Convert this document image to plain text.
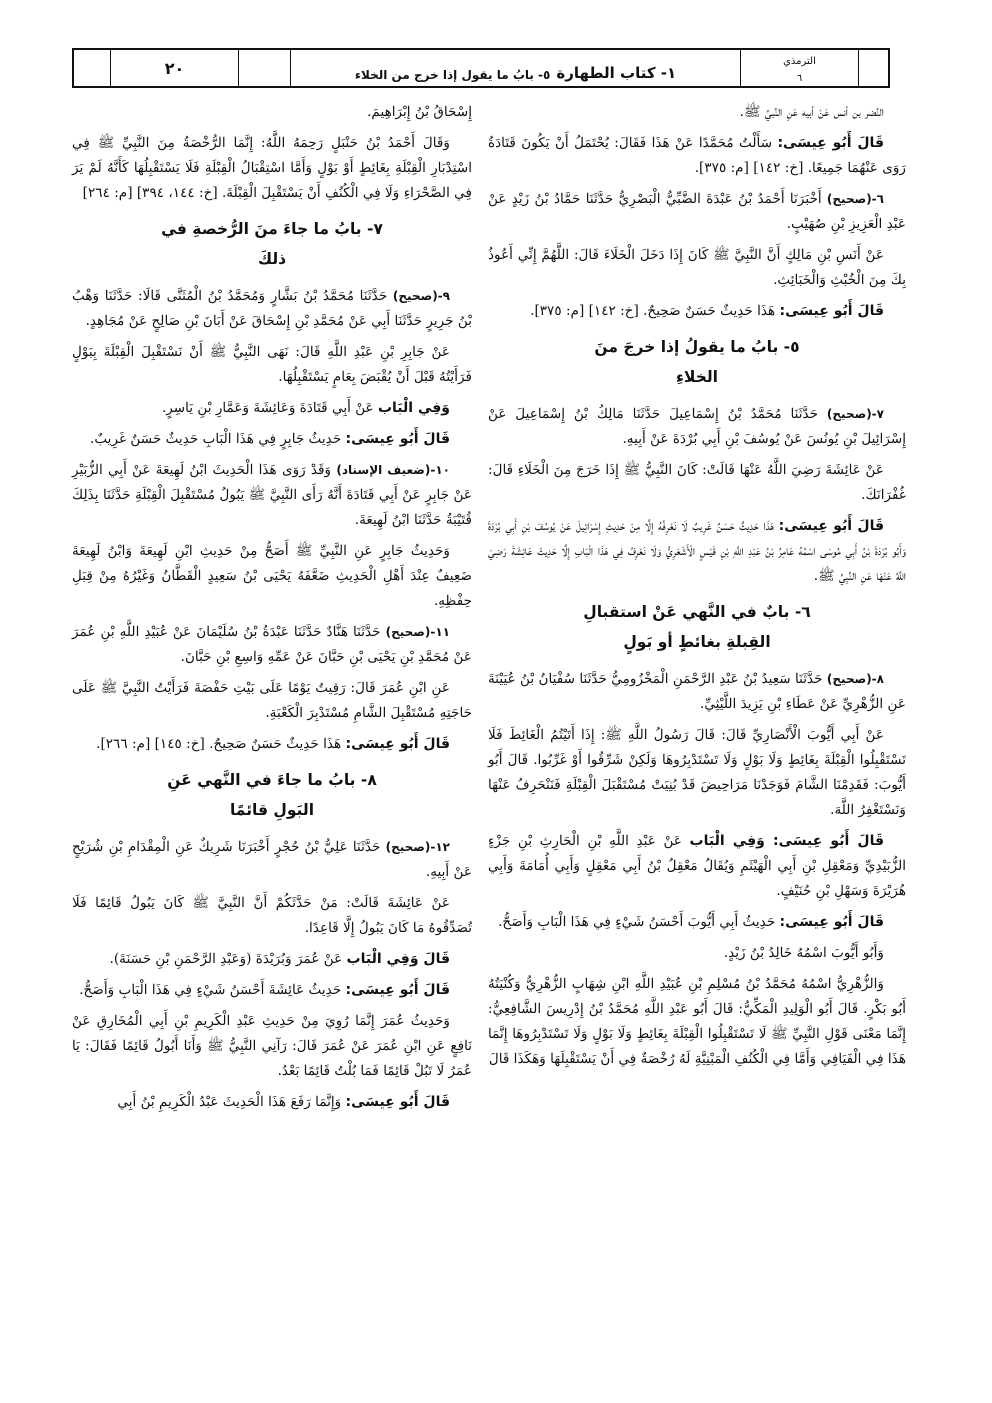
٢٠	١- كتاب الطهارة
٥- بابُ ما يقول إذا خرج من الخلاء
الترمذي
٦

النَّضر بن أنس عَنْ أبيه عَنِ النَّبيِّ ﷺ.

قَالَ أَبُو عِيسَى: سَأَلْتُ مُحَمَّدًا عَنْ هَذَا فَقَالَ: يُحْتَمَلُ أَنْ يَكُونَ قَتَادَةُ رَوَى عَنْهُمَا جَمِيعًا. [خ: ١٤٢] [م: ٣٧٥].

٦-(صحيح) أَخْبَرَنَا أَحْمَدُ بْنُ عَبْدَةَ الضَّبِّيُّ الْبَصْرِيُّ حَدَّثَنَا حَمَّادُ بْنُ زَيْدٍ عَنْ عَبْدِ الْعَزِيزِ بْنِ صُهَيْبٍ.

عَنْ أَنَسِ بْنِ مَالِكٍ أَنَّ النَّبِيَّ ﷺ كَانَ إِذَا دَخَلَ الْخَلَاءَ قَالَ: اللَّهُمَّ إِنِّي أَعُوذُ بِكَ مِنَ الْخُبْثِ وَالْخَبَائِثِ.

قَالَ أَبُو عِيسَى: هَذَا حَدِيثٌ حَسَنٌ صَحِيحٌ. [خ: ١٤٢] [م: ٣٧٥].

٥- بابُ ما يقولُ إذا خرجَ منَ
الخلاءِ

٧-(صحيح) حَدَّثَنَا مُحَمَّدُ بْنُ إِسْمَاعِيلَ حَدَّثَنَا مَالِكُ بْنُ إِسْمَاعِيلَ عَنْ إِسْرَائِيلَ بْنِ يُونُسَ عَنْ يُوسُفَ بْنِ أَبِي بُرْدَةَ عَنْ أَبِيهِ.

عَنْ عَائِشَةَ رَضِيَ اللَّهُ عَنْهَا قَالَتْ: كَانَ النَّبِيُّ ﷺ إِذَا خَرَجَ مِنَ الْخَلَاءِ قَالَ: غُفْرَانَكَ.

قَالَ أَبُو عِيسَى: هَذَا حَدِيثٌ حَسَنٌ غَرِيبٌ لَا نَعْرِفُهُ إِلَّا مِنْ حَدِيثِ إِسْرَائِيلَ عَنْ يُوسُفَ بْنِ أَبِي بُرْدَةَ وَأَبُو بُرْدَةَ بْنُ أَبِي مُوسَى اسْمُهُ عَامِرُ بْنُ عَبْدِ اللَّهِ بْنِ قَيْسٍ الْأَشْعَرِيُّ وَلَا نَعْرِفُ فِي هَذَا الْبَابِ إِلَّا حَدِيثَ عَائِشَةَ رَضِيَ اللَّهُ عَنْهَا عَنِ النَّبِيِّ ﷺ.

٦- بابٌ في النَّهي عَنْ استقبالِ
القِبلةِ بغائطٍ أو بَولٍ

٨-(صحيح) حَدَّثَنَا سَعِيدُ بْنُ عَبْدِ الرَّحْمَنِ الْمَخْزُومِيُّ حَدَّثَنَا سُفْيَانُ بْنُ عُيَيْنَةَ عَنِ الزُّهْرِيِّ عَنْ عَطَاءِ بْنِ يَزِيدَ اللَّيْثِيِّ.

عَنْ أَبِي أَيُّوبَ الْأَنْصَارِيِّ قَالَ: قَالَ رَسُولُ اللَّهِ ﷺ: إِذَا أَتَيْتُمُ الْغَائِطَ فَلَا تَسْتَقْبِلُوا الْقِبْلَةَ بِغَائِطٍ وَلَا بَوْلٍ وَلَا تَسْتَدْبِرُوهَا وَلَكِنْ شَرِّقُوا أَوْ غَرِّبُوا. قَالَ أَبُو أَيُّوبَ: فَقَدِمْنَا الشَّامَ فَوَجَدْنَا مَرَاحِيضَ قَدْ بُنِيَتْ مُسْتَقْبَلَ الْقِبْلَةِ فَنَنْحَرِفُ عَنْهَا وَنَسْتَغْفِرُ اللَّهَ.

قَالَ أَبُو عِيسَى: وَفِي الْبَاب عَنْ عَبْدِ اللَّهِ بْنِ الْحَارِثِ بْنِ جَزْءٍ الزُّبَيْدِيِّ وَمَعْقِلِ بْنِ أَبِي الْهَيْثَمِ وَيُقَالُ مَعْقِلُ بْنُ أَبِي مَعْقِلٍ وَأَبِي أُمَامَةَ وَأَبِي هُرَيْرَةَ وَسَهْلِ بْنِ حُنَيْفٍ.

قَالَ أَبُو عِيسَى: حَدِيثُ أَبِي أَيُّوبَ أَحْسَنُ شَيْءٍ فِي هَذَا الْبَابِ وَأَصَحُّ.

وَأَبُو أَيُّوبَ اسْمُهُ خَالِدُ بْنُ زَيْدٍ.

وَالزُّهْرِيُّ اسْمُهُ مُحَمَّدُ بْنُ مُسْلِمِ بْنِ عُبَيْدِ اللَّهِ ابْنِ شِهَابٍ الزُّهْرِيُّ وَكُنْيَتُهُ أَبُو بَكْرٍ. قَالَ أَبُو الْوَلِيدِ الْمَكِّيُّ: قَالَ أَبُو عَبْدِ اللَّهِ مُحَمَّدُ بْنُ إِدْرِيسَ الشَّافِعِيُّ: إِنَّمَا مَعْنَى قَوْلِ النَّبِيِّ ﷺ لَا تَسْتَقْبِلُوا الْقِبْلَةَ بِغَائِطٍ وَلَا بَوْلٍ وَلَا تَسْتَدْبِرُوهَا إِنَّمَا هَذَا فِي الْفَيَافِي وَأَمَّا فِي الْكُنُفِ الْمَبْنِيَّةِ لَهُ رُخْصَةٌ فِي أَنْ يَسْتَقْبِلَهَا وَهَكَذَا قَالَ

إِسْحَاقُ بْنُ إِبْرَاهِيمَ.

وَقَالَ أَحْمَدُ بْنُ حَنْبَلٍ رَحِمَهُ اللَّهُ: إِنَّمَا الرُّخْصَةُ مِنَ النَّبِيِّ ﷺ فِي اسْتِدْبَارِ الْقِبْلَةِ بِغَائِطٍ أَوْ بَوْلٍ وَأَمَّا اسْتِقْبَالُ الْقِبْلَةِ فَلَا يَسْتَقْبِلُهَا كَأَنَّهُ لَمْ يَرَ فِي الصَّحْرَاءِ وَلَا فِي الْكُنُفِ أَنْ يَسْتَقْبِلَ الْقِبْلَةَ. [خ: ١٤٤، ٣٩٤] [م: ٢٦٤]

٧- بابُ ما جاءَ منَ الرُّخصةِ في
ذلكَ

٩-(صحيح) حَدَّثَنَا مُحَمَّدُ بْنُ بَشَّارٍ وَمُحَمَّدُ بْنُ الْمُثَنَّى قَالَا: حَدَّثَنَا وَهْبُ بْنُ جَرِيرٍ حَدَّثَنَا أَبِي عَنْ مُحَمَّدِ بْنِ إِسْحَاقَ عَنْ أَبَانَ بْنِ صَالِحٍ عَنْ مُجَاهِدٍ.

عَنْ جَابِرِ بْنِ عَبْدِ اللَّهِ قَالَ: نَهَى النَّبِيُّ ﷺ أَنْ نَسْتَقْبِلَ الْقِبْلَةَ بِبَوْلٍ فَرَأَيْتُهُ قَبْلَ أَنْ يُقْبَضَ بِعَامٍ يَسْتَقْبِلُهَا.

وَفِي الْبَاب عَنْ أَبِي قَتَادَةَ وَعَائِشَةَ وَعَمَّارِ بْنِ يَاسِرٍ.

قَالَ أَبُو عِيسَى: حَدِيثُ جَابِرٍ فِي هَذَا الْبَابِ حَدِيثٌ حَسَنٌ غَرِيبٌ.

١٠-(ضعيف الإسناد) وَقَدْ رَوَى هَذَا الْحَدِيثَ ابْنُ لَهِيعَةَ عَنْ أَبِي الزُّبَيْرِ عَنْ جَابِرٍ عَنْ أَبِي قَتَادَةَ أَنَّهُ رَأَى النَّبِيَّ ﷺ يَبُولُ مُسْتَقْبِلَ الْقِبْلَةِ حَدَّثَنَا بِذَلِكَ قُتَيْبَةُ حَدَّثَنَا ابْنُ لَهِيعَةَ.

وَحَدِيثُ جَابِرٍ عَنِ النَّبِيِّ ﷺ أَصَحُّ مِنْ حَدِيثِ ابْنِ لَهِيعَةَ وَابْنُ لَهِيعَةَ ضَعِيفٌ عِنْدَ أَهْلِ الْحَدِيثِ ضَعَّفَهُ يَحْيَى بْنُ سَعِيدٍ الْقَطَّانُ وَغَيْرُهُ مِنْ قِبَلِ حِفْظِهِ.

١١-(صحيح) حَدَّثَنَا هَنَّادٌ حَدَّثَنَا عَبْدَةُ بْنُ سُلَيْمَانَ عَنْ عُبَيْدِ اللَّهِ بْنِ عُمَرَ عَنْ مُحَمَّدِ بْنِ يَحْيَى بْنِ حَبَّانَ عَنْ عَمِّهِ وَاسِعِ بْنِ حَبَّانَ.

عَنِ ابْنِ عُمَرَ قَالَ: رَقِيتُ يَوْمًا عَلَى بَيْتِ حَفْصَةَ فَرَأَيْتُ النَّبِيَّ ﷺ عَلَى حَاجَتِهِ مُسْتَقْبِلَ الشَّامِ مُسْتَدْبِرَ الْكَعْبَةِ.

قَالَ أَبُو عِيسَى: هَذَا حَدِيثٌ حَسَنٌ صَحِيحٌ. [خ: ١٤٥] [م: ٢٦٦].

٨- بابُ ما جاءَ في النَّهي عَنِ
البَولِ قائمًا

١٢-(صحيح) حَدَّثَنَا عَلِيُّ بْنُ حُجْرٍ أَخْبَرَنَا شَرِيكٌ عَنِ الْمِقْدَامِ بْنِ شُرَيْحٍ عَنْ أَبِيهِ.

عَنْ عَائِشَةَ قَالَتْ: مَنْ حَدَّثَكُمْ أَنَّ النَّبِيَّ ﷺ كَانَ يَبُولُ قَائِمًا فَلَا تُصَدِّقُوهُ مَا كَانَ يَبُولُ إِلَّا قَاعِدًا.

قَالَ وَفِي الْبَاب عَنْ عُمَرَ وَبُرَيْدَةَ (وَعَبْدِ الرَّحْمَنِ بْنِ حَسَنَةَ).

قَالَ أَبُو عِيسَى: حَدِيثُ عَائِشَةَ أَحْسَنُ شَيْءٍ فِي هَذَا الْبَابِ وَأَصَحُّ.

وَحَدِيثُ عُمَرَ إِنَّمَا رُوِيَ مِنْ حَدِيثِ عَبْدِ الْكَرِيمِ بْنِ أَبِي الْمُخَارِقِ عَنْ نَافِعٍ عَنِ ابْنِ عُمَرَ عَنْ عُمَرَ قَالَ: رَآنِي النَّبِيُّ ﷺ وَأَنَا أَبُولُ قَائِمًا فَقَالَ: يَا عُمَرُ لَا تَبُلْ قَائِمًا فَمَا بُلْتُ قَائِمًا بَعْدُ.

قَالَ أَبُو عِيسَى: وَإِنَّمَا رَفَعَ هَذَا الْحَدِيثَ عَبْدُ الْكَرِيمِ بْنُ أَبِي
